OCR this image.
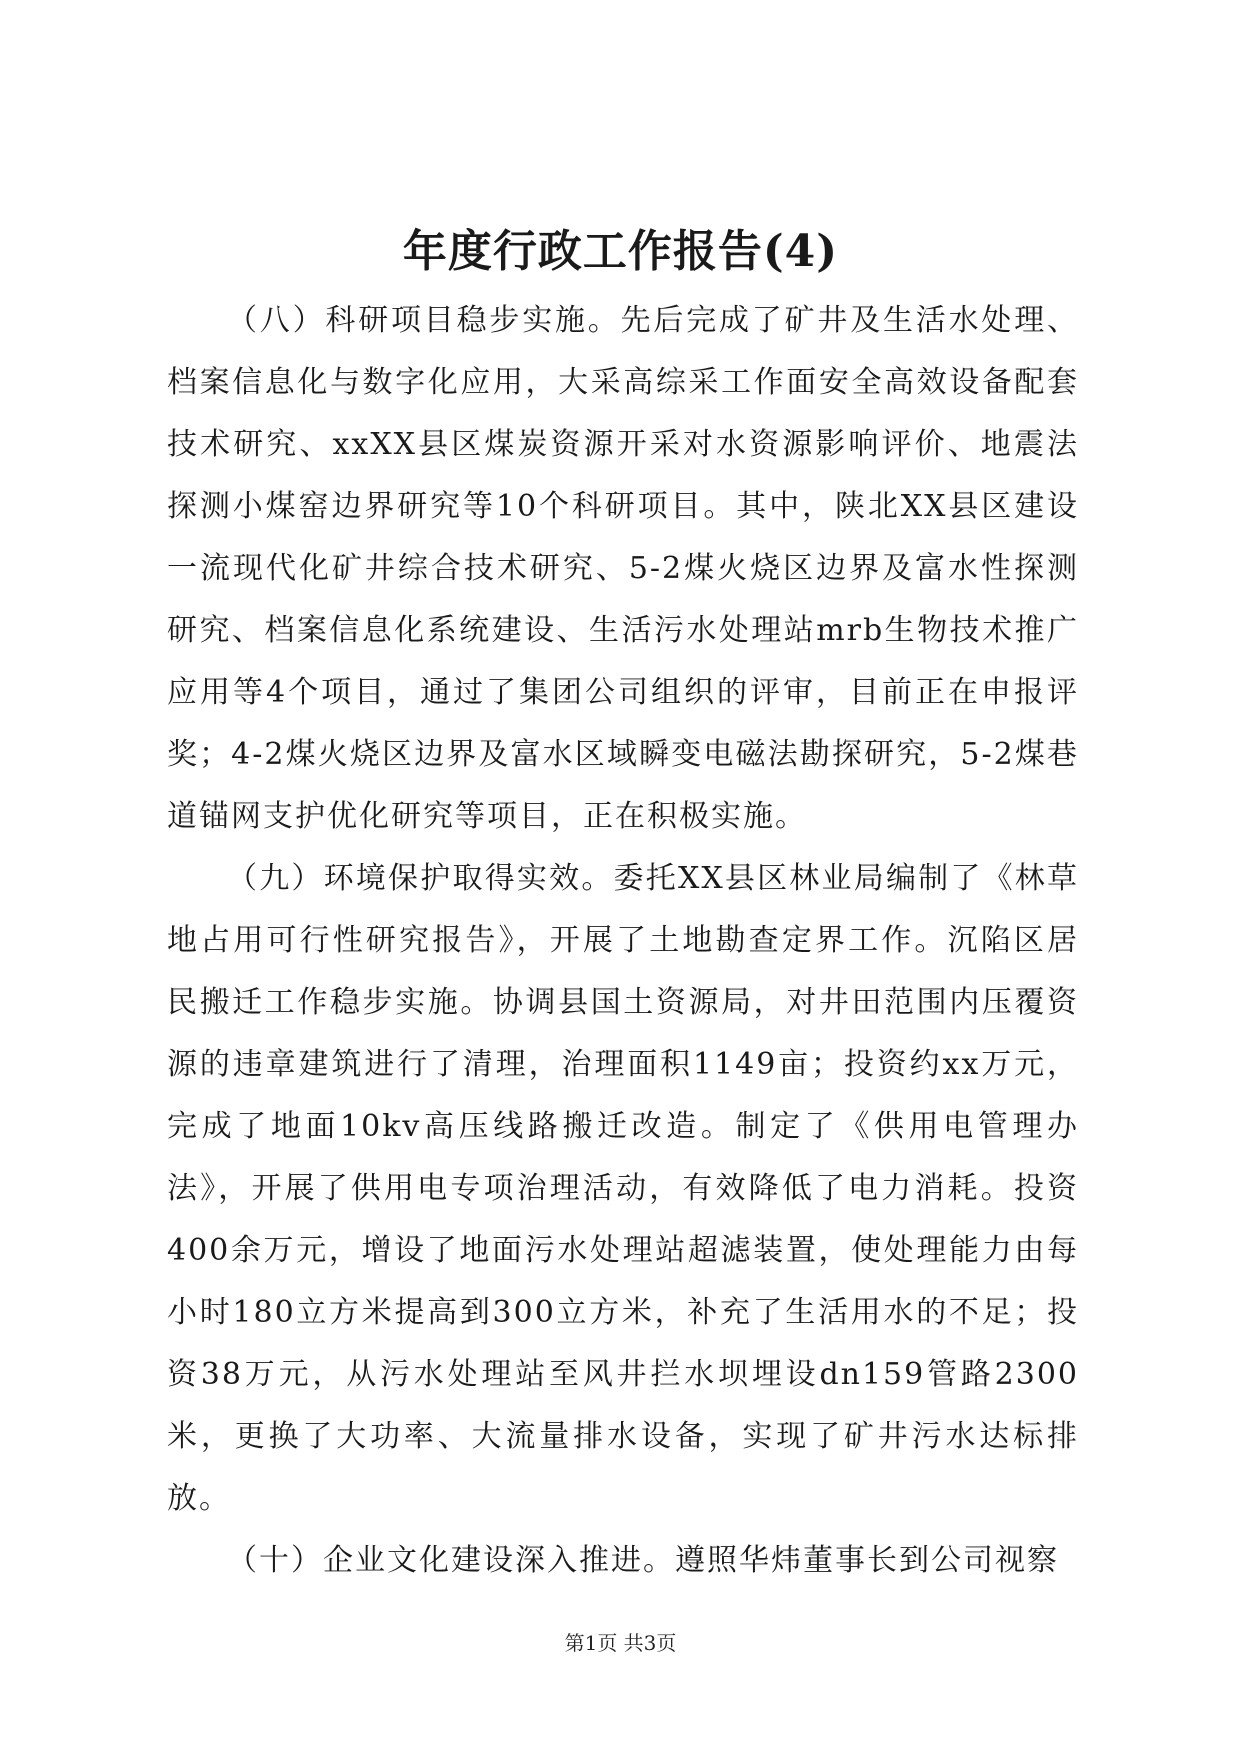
年度行政工作报告(4)

（八）科研项目稳步实施。先后完成了矿井及生活水处理、档案信息化与数字化应用，大采高综采工作面安全高效设备配套技术研究、xxXX县区煤炭资源开采对水资源影响评价、地震法探测小煤窑边界研究等10个科研项目。其中，陕北XX县区建设一流现代化矿井综合技术研究、5-2煤火烧区边界及富水性探测研究、档案信息化系统建设、生活污水处理站mrb生物技术推广应用等4个项目，通过了集团公司组织的评审，目前正在申报评奖；4-2煤火烧区边界及富水区域瞬变电磁法勘探研究，5-2煤巷道锚网支护优化研究等项目，正在积极实施。

（九）环境保护取得实效。委托XX县区林业局编制了《林草地占用可行性研究报告》，开展了土地勘查定界工作。沉陷区居民搬迁工作稳步实施。协调县国土资源局，对井田范围内压覆资源的违章建筑进行了清理，治理面积1149亩；投资约xx万元，完成了地面10kv高压线路搬迁改造。制定了《供用电管理办法》，开展了供用电专项治理活动，有效降低了电力消耗。投资400余万元，增设了地面污水处理站超滤装置，使处理能力由每小时180立方米提高到300立方米，补充了生活用水的不足；投资38万元，从污水处理站至风井拦水坝埋设dn159管路2300米，更换了大功率、大流量排水设备，实现了矿井污水达标排放。

（十）企业文化建设深入推进。遵照华炜董事长到公司视察

第1页 共3页
